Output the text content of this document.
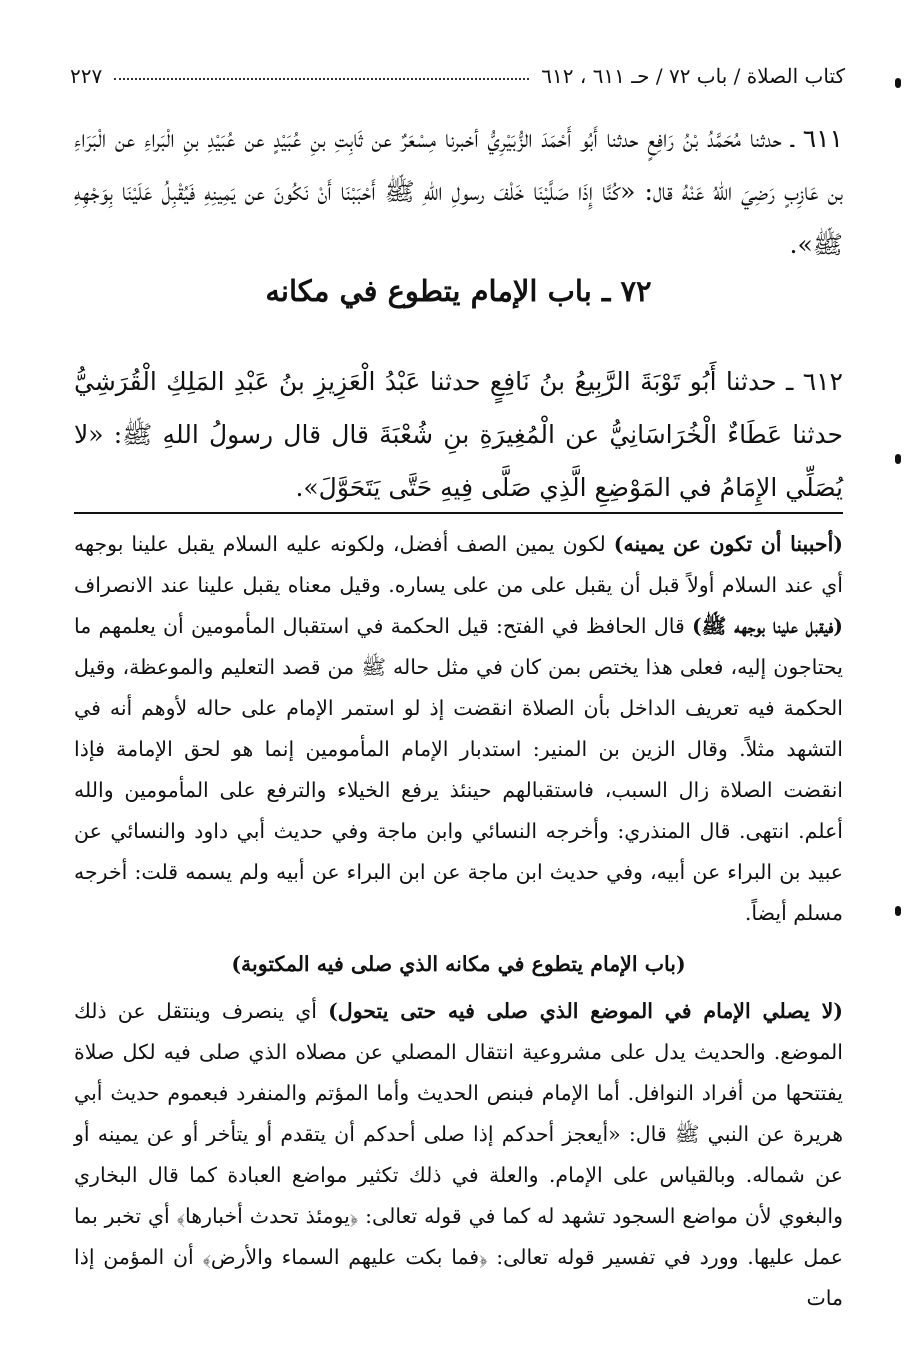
كتاب الصلاة / باب ٧٢ / حـ ٦١١ ، ٦١٢
٢٢٧
٦١١ ـ حدثنا مُحَمَّدُ بْنُ رَافِعٍ حدثنا أَبُو أَحْمَدَ الزُّبَيْرِيُّ أخبرنا مِسْعَرٌ عن ثَابِتِ بنِ عُبَيْدٍ عن عُبَيْدِ بنِ الْبَراءِ عن الْبَرَاءِ بن عَازِبٍ رَضِيَ اللهُ عَنْهُ قال: «كُنَّا إِذَا صَلَّيْنَا خَلْفَ رسولِ اللهِ ﷺ أَحْبَبْنَا أَنْ نَكُونَ عن يَمِينِهِ فَيُقْبِلُ عَلَيْنَا بِوَجْهِهِ ﷺ».
٧٢ ـ باب الإمام يتطوع في مكانه
٦١٢ ـ حدثنا أَبُو تَوْبَةَ الرَّبِيعُ بنُ نَافِعٍ حدثنا عَبْدُ الْعَزِيزِ بنُ عَبْدِ المَلِكِ الْقُرَشِيُّ حدثنا عَطَاءٌ الْخُرَاسَانِيُّ عن الْمُغِيرَةِ بنِ شُعْبَةَ قال قال رسولُ اللهِ ﷺ: «لا يُصَلِّي الإِمَامُ في المَوْضِعِ الَّذِي صَلَّى فِيهِ حَتَّى يَتَحَوَّلَ».

(أحببنا أن تكون عن يمينه) لكون يمين الصف أفضل، ولكونه عليه السلام يقبل علينا بوجهه أي عند السلام أولاً قبل أن يقبل على من على يساره. وقيل معناه يقبل علينا عند الانصراف (فيقبل علينا بوجهه ﷺ) قال الحافظ في الفتح: قيل الحكمة في استقبال المأمومين أن يعلمهم ما يحتاجون إليه، فعلى هذا يختص بمن كان في مثل حاله ﷺ من قصد التعليم والموعظة، وقيل الحكمة فيه تعريف الداخل بأن الصلاة انقضت إذ لو استمر الإمام على حاله لأوهم أنه في التشهد مثلاً. وقال الزين بن المنير: استدبار الإمام المأمومين إنما هو لحق الإمامة فإذا انقضت الصلاة زال السبب، فاستقبالهم حينئذ يرفع الخيلاء والترفع على المأمومين والله أعلم. انتهى. قال المنذري: وأخرجه النسائي وابن ماجة وفي حديث أبي داود والنسائي عن عبيد بن البراء عن أبيه، وفي حديث ابن ماجة عن ابن البراء عن أبيه ولم يسمه قلت: أخرجه مسلم أيضاً.

(باب الإمام يتطوع في مكانه الذي صلى فيه المكتوبة)

(لا يصلي الإمام في الموضع الذي صلى فيه حتى يتحول) أي ينصرف وينتقل عن ذلك الموضع. والحديث يدل على مشروعية انتقال المصلي عن مصلاه الذي صلى فيه لكل صلاة يفتتحها من أفراد النوافل. أما الإمام فبنص الحديث وأما المؤتم والمنفرد فبعموم حديث أبي هريرة عن النبي ﷺ قال: «أيعجز أحدكم إذا صلى أحدكم أن يتقدم أو يتأخر أو عن يمينه أو عن شماله. وبالقياس على الإمام. والعلة في ذلك تكثير مواضع العبادة كما قال البخاري والبغوي لأن مواضع السجود تشهد له كما في قوله تعالى: ﴿يومئذ تحدث أخبارها﴾ أي تخبر بما عمل عليها. وورد في تفسير قوله تعالى: ﴿فما بكت عليهم السماء والأرض﴾ أن المؤمن إذا مات
